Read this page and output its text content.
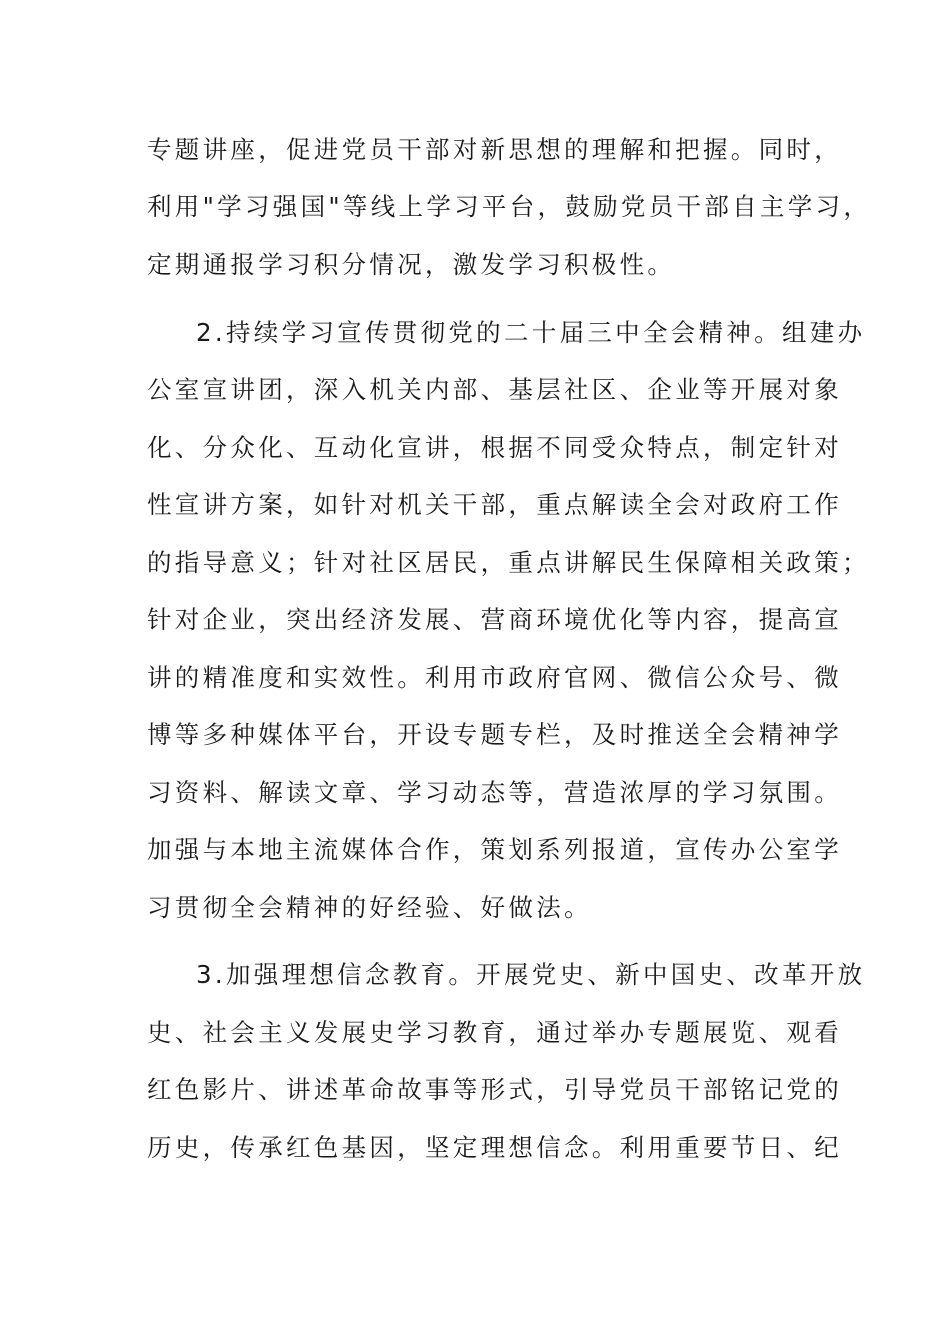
专题讲座，促进党员干部对新思想的理解和把握。同时，

利用"学习强国"等线上学习平台，鼓励党员干部自主学习，

定期通报学习积分情况，激发学习积极性。

2.持续学习宣传贯彻党的二十届三中全会精神。组建办

公室宣讲团，深入机关内部、基层社区、企业等开展对象

化、分众化、互动化宣讲，根据不同受众特点，制定针对

性宣讲方案，如针对机关干部，重点解读全会对政府工作

的指导意义；针对社区居民，重点讲解民生保障相关政策；

针对企业，突出经济发展、营商环境优化等内容，提高宣

讲的精准度和实效性。利用市政府官网、微信公众号、微

博等多种媒体平台，开设专题专栏，及时推送全会精神学

习资料、解读文章、学习动态等，营造浓厚的学习氛围。

加强与本地主流媒体合作，策划系列报道，宣传办公室学

习贯彻全会精神的好经验、好做法。

3.加强理想信念教育。开展党史、新中国史、改革开放

史、社会主义发展史学习教育，通过举办专题展览、观看

红色影片、讲述革命故事等形式，引导党员干部铭记党的

历史，传承红色基因，坚定理想信念。利用重要节日、纪
